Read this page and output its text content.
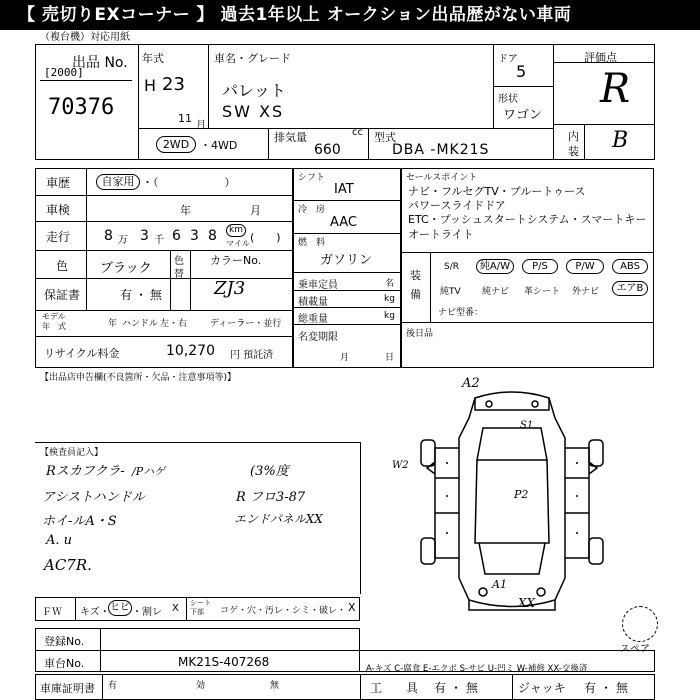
【 売切りEXコーナー 】 過去1年以上 オークション出品歴がない車両
（複台機）対応用紙
出品 No.
[2000]
70376
年式
H 23
11
月
車名・グレード
パレット
SW XS
ドア
5
形状
ワゴン
評価点
R
内
装 B
2WD ・4WD
排気量	cc
660
型式
DBA -MK21S
車歴	自家用 ・（　　　　　　）
車検	年	月
走行 8 万 3 千 6 3 8	km
マイル (　　)
色 ブラック 色
替
カラーNo.
ZJ3
保証書	有・無
モデル
年　式	年 ハンドル 左・右	ディーラー・並行
リサイクル料金	10,270 円 預託済
シフト
IAT
冷　房
AAC
燃　料
ガソリン
乗車定員	名
積載量	kg
総重量	kg
名変期限
月	日
セールスポイント
ナビ・フルセグTV・ブルートゥース
パワースライドドア
ETC・プッシュスタートシステム・スマートキー
オートライト
装
備
S/R	純A/W	P/S	P/W	ABS
純TV 純ナビ 革シート 外ナビ	エアB
ナビ型番：
後日品
【出品店申告欄(不良箇所・欠品・注意事項等)】
【検査員記入】
Rスカフクラ- /Pハゲ
アシストハンドル
ホイ-ルA・S
A. u
AC7R.
(3%度
R フロ3-87
エンドパネルXX
A2
S1
W2
P2
A1
XX
スペア
ＦＷ キズ・ ヒビ ・割レ X シート
下部 コゲ・穴・汚レ・シミ・破レ・ X
登録No.
車台No.	MK21S-407268	A-キズ C-腐食 E-エクボ S-サビ U-凹ミ W-補修 XX-交換済
車庫証明書 有	効	無	工　　具 有・無	ジャッキ 有・無
